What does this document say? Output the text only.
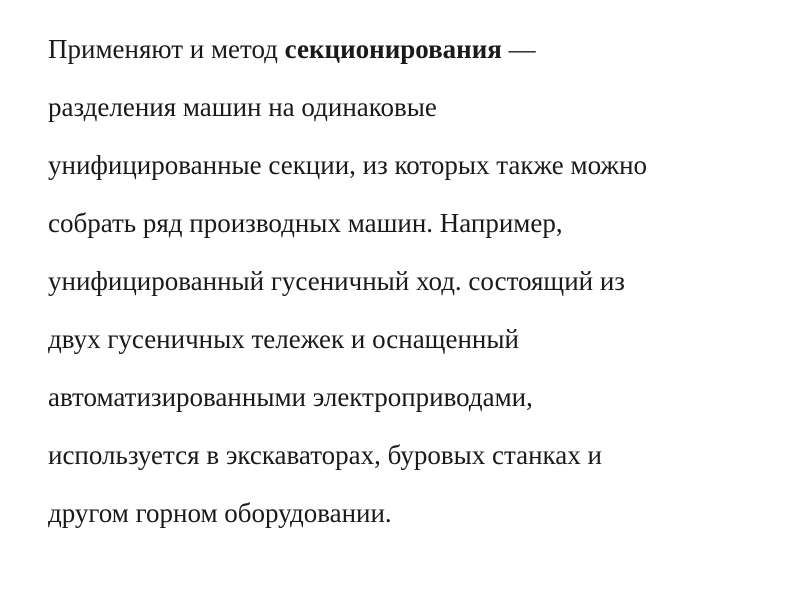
Применяют и метод секционирования —
разделения машин на одинаковые
унифицированные секции, из которых также можно
собрать ряд производных машин. Например,
унифицированный гусеничный ход. состоящий из
двух гусеничных тележек и оснащенный
автоматизированными электроприводами,
используется в экскаваторах, буровых станках и
другом горном оборудовании.
